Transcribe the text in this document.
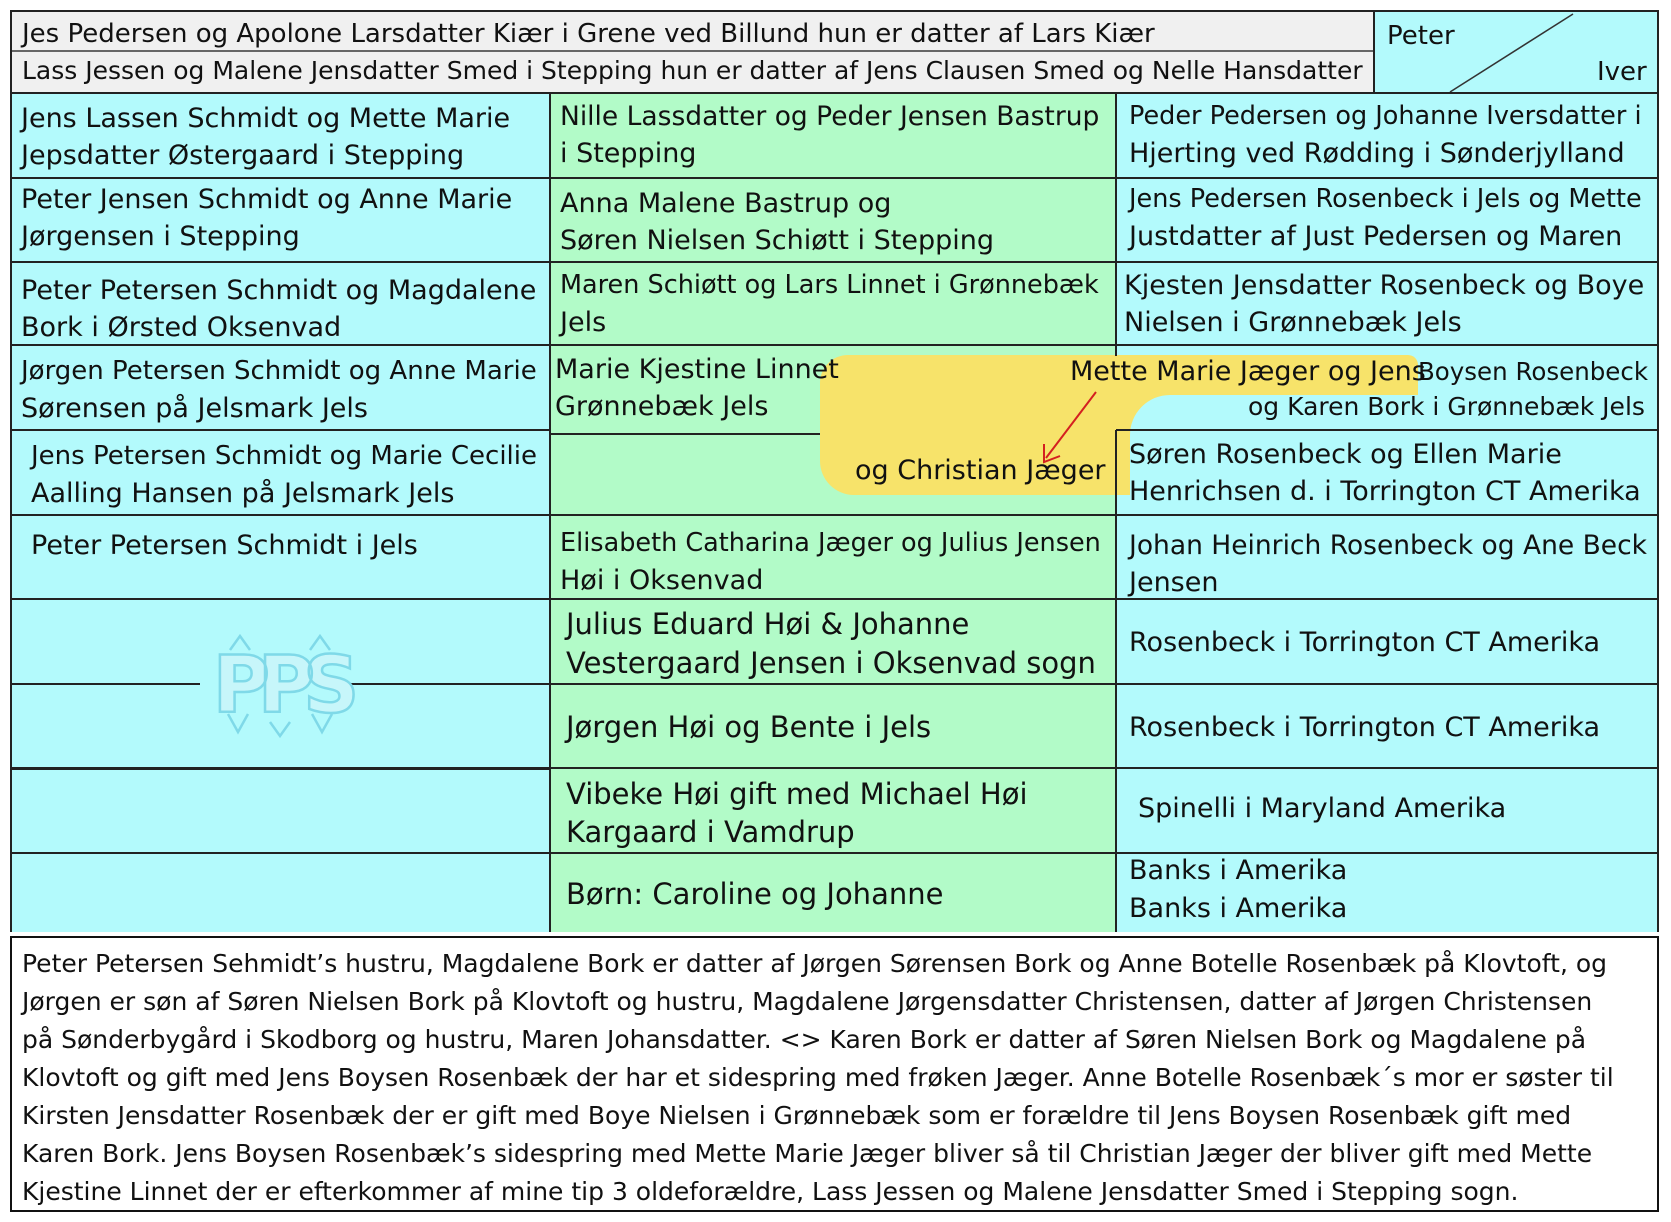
Jes Pedersen og Apolone Larsdatter Kiær i Grene ved Billund hun er datter af Lars Kiær
Lass Jessen og Malene Jensdatter Smed i Stepping hun er datter af Jens Clausen Smed og Nelle Hansdatter
Peter
Iver
Jens Lassen Schmidt og Mette Marie
Jepsdatter Østergaard i Stepping
Peter Jensen Schmidt og Anne Marie
Jørgensen i Stepping
Peter Petersen Schmidt og Magdalene
Bork i Ørsted Oksenvad
Jørgen Petersen Schmidt og Anne Marie
Sørensen på Jelsmark Jels
Jens Petersen Schmidt og Marie Cecilie
Aalling Hansen på Jelsmark Jels
Peter Petersen Schmidt i Jels
PPS
Nille Lassdatter og Peder Jensen Bastrup
i Stepping
Anna Malene Bastrup og
Søren Nielsen Schiøtt i Stepping
Maren Schiøtt og Lars Linnet i Grønnebæk
Jels
Marie Kjestine Linnet
Grønnebæk Jels
Elisabeth Catharina Jæger og Julius Jensen
Høi i Oksenvad
Julius Eduard Høi & Johanne
Vestergaard Jensen i Oksenvad sogn
Jørgen Høi og Bente i Jels
Vibeke Høi gift med Michael Høi
Kargaard i Vamdrup
Børn: Caroline og Johanne
Mette Marie Jæger og Jens
og Christian Jæger
Peder Pedersen og Johanne Iversdatter i
Hjerting ved Rødding i Sønderjylland
Jens Pedersen Rosenbeck i Jels og Mette
Justdatter af Just Pedersen og Maren
Kjesten Jensdatter Rosenbeck og Boye
Nielsen i Grønnebæk Jels
Boysen Rosenbeck
og Karen Bork i Grønnebæk Jels
Søren Rosenbeck og Ellen Marie
Henrichsen d. i Torrington CT Amerika
Johan Heinrich Rosenbeck og Ane Beck
Jensen
Rosenbeck i Torrington CT Amerika
Rosenbeck i Torrington CT Amerika
Spinelli i Maryland Amerika
Banks i Amerika
Banks i Amerika
Peter Petersen Sehmidt’s hustru, Magdalene Bork er datter af Jørgen Sørensen Bork og Anne Botelle Rosenbæk på Klovtoft, og
Jørgen er søn af Søren Nielsen Bork på Klovtoft og hustru, Magdalene Jørgensdatter Christensen, datter af Jørgen Christensen
på Sønderbygård i Skodborg og hustru, Maren Johansdatter. <> Karen Bork er datter af Søren Nielsen Bork og Magdalene på
Klovtoft og gift med Jens Boysen Rosenbæk der har et sidespring med frøken Jæger. Anne Botelle Rosenbæk´s mor er søster til
Kirsten Jensdatter Rosenbæk der er gift med Boye Nielsen i Grønnebæk som er forældre til Jens Boysen Rosenbæk gift med
Karen Bork. Jens Boysen Rosenbæk’s sidespring med Mette Marie Jæger bliver så til Christian Jæger der bliver gift med Mette
Kjestine Linnet der er efterkommer af mine tip 3 oldeforældre, Lass Jessen og Malene Jensdatter Smed i Stepping sogn.
